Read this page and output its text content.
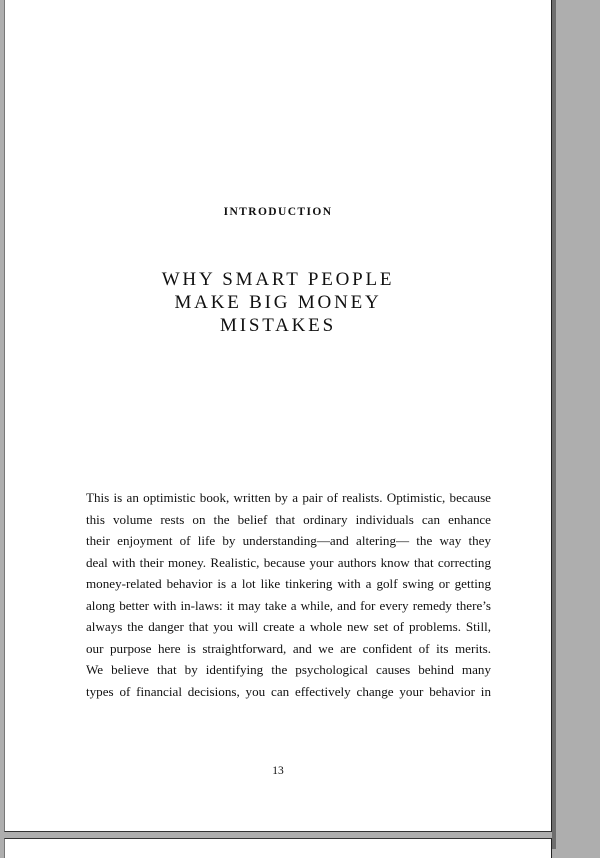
INTRODUCTION
WHY SMART PEOPLE
MAKE BIG MONEY
MISTAKES
This is an optimistic book, written by a pair of realists. Optimistic, because
this volume rests on the belief that ordinary individuals can enhance
their enjoyment of life by understanding—and altering— the way they
deal with their money. Realistic, because your authors know that correcting
money-related behavior is a lot like tinkering with a golf swing or getting
along better with in-laws: it may take a while, and for every remedy there’s
always the danger that you will create a whole new set of problems. Still,
our purpose here is straightforward, and we are confident of its merits.
We believe that by identifying the psychological causes behind many
types of financial decisions, you can effectively change your behavior in
13
